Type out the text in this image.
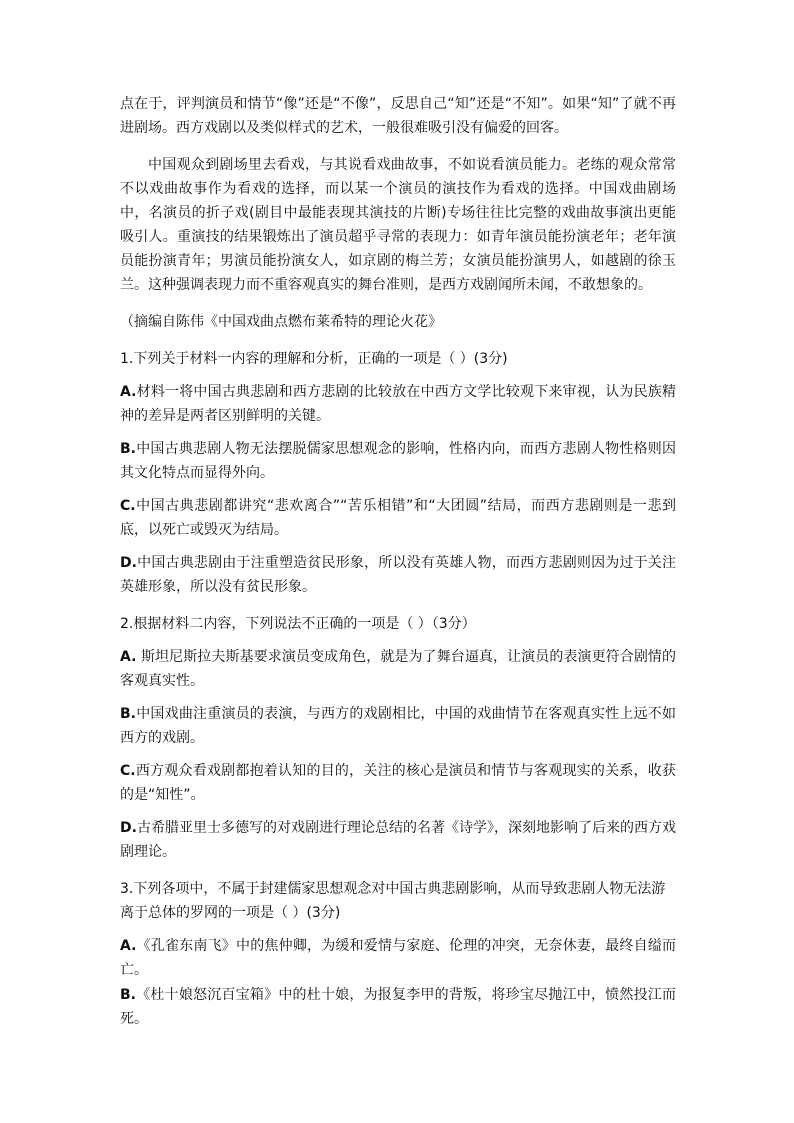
点在于，评判演员和情节“像”还是“不像”，反思自己“知”还是“不知”。如果“知”了就不再进剧场。西方戏剧以及类似样式的艺术，一般很难吸引没有偏爱的回客。

中国观众到剧场里去看戏，与其说看戏曲故事，不如说看演员能力。老练的观众常常不以戏曲故事作为看戏的选择，而以某一个演员的演技作为看戏的选择。中国戏曲剧场中，名演员的折子戏(剧目中最能表现其演技的片断)专场往往比完整的戏曲故事演出更能吸引人。重演技的结果锻炼出了演员超乎寻常的表现力：如青年演员能扮演老年；老年演员能扮演青年；男演员能扮演女人，如京剧的梅兰芳；女演员能扮演男人，如越剧的徐玉兰。这种强调表现力而不重容观真实的舞台准则，是西方戏剧闻所未闻，不敢想象的。

（摘编自陈伟《中国戏曲点燃布莱希特的理论火花》

1.下列关于材料一内容的理解和分析，正确的一项是（ ）(3分)

A.材料一将中国古典悲剧和西方悲剧的比较放在中西方文学比较观下来审视，认为民族精神的差异是两者区别鲜明的关键。

B.中国古典悲剧人物无法摆脱儒家思想观念的影响，性格内向，而西方悲剧人物性格则因其文化特点而显得外向。

C.中国古典悲剧都讲究“悲欢离合”“苦乐相错”和“大团圆”结局，而西方悲剧则是一悲到底，以死亡或毁灭为结局。

D.中国古典悲剧由于注重塑造贫民形象，所以没有英雄人物，而西方悲剧则因为过于关注英雄形象，所以没有贫民形象。

2.根据材料二内容，下列说法不正确的一项是（ ）（3分）

A. 斯坦尼斯拉夫斯基要求演员变成角色，就是为了舞台逼真，让演员的表演更符合剧情的客观真实性。

B.中国戏曲注重演员的表演，与西方的戏剧相比，中国的戏曲情节在客观真实性上远不如西方的戏剧。

C.西方观众看戏剧都抱着认知的目的，关注的核心是演员和情节与客观现实的关系，收获的是“知性”。

D.古希腊亚里士多德写的对戏剧进行理论总结的名著《诗学》，深刻地影响了后来的西方戏剧理论。

3.下列各项中，不属于封建儒家思想观念对中国古典悲剧影响，从而导致悲剧人物无法游离于总体的罗网的一项是（ ）(3分)

A.《孔雀东南飞》中的焦仲卿，为缓和爱情与家庭、伦理的冲突，无奈休妻，最终自缢而亡。

B.《杜十娘怒沉百宝箱》中的杜十娘，为报复李甲的背叛，将珍宝尽抛江中，愤然投江而死。
